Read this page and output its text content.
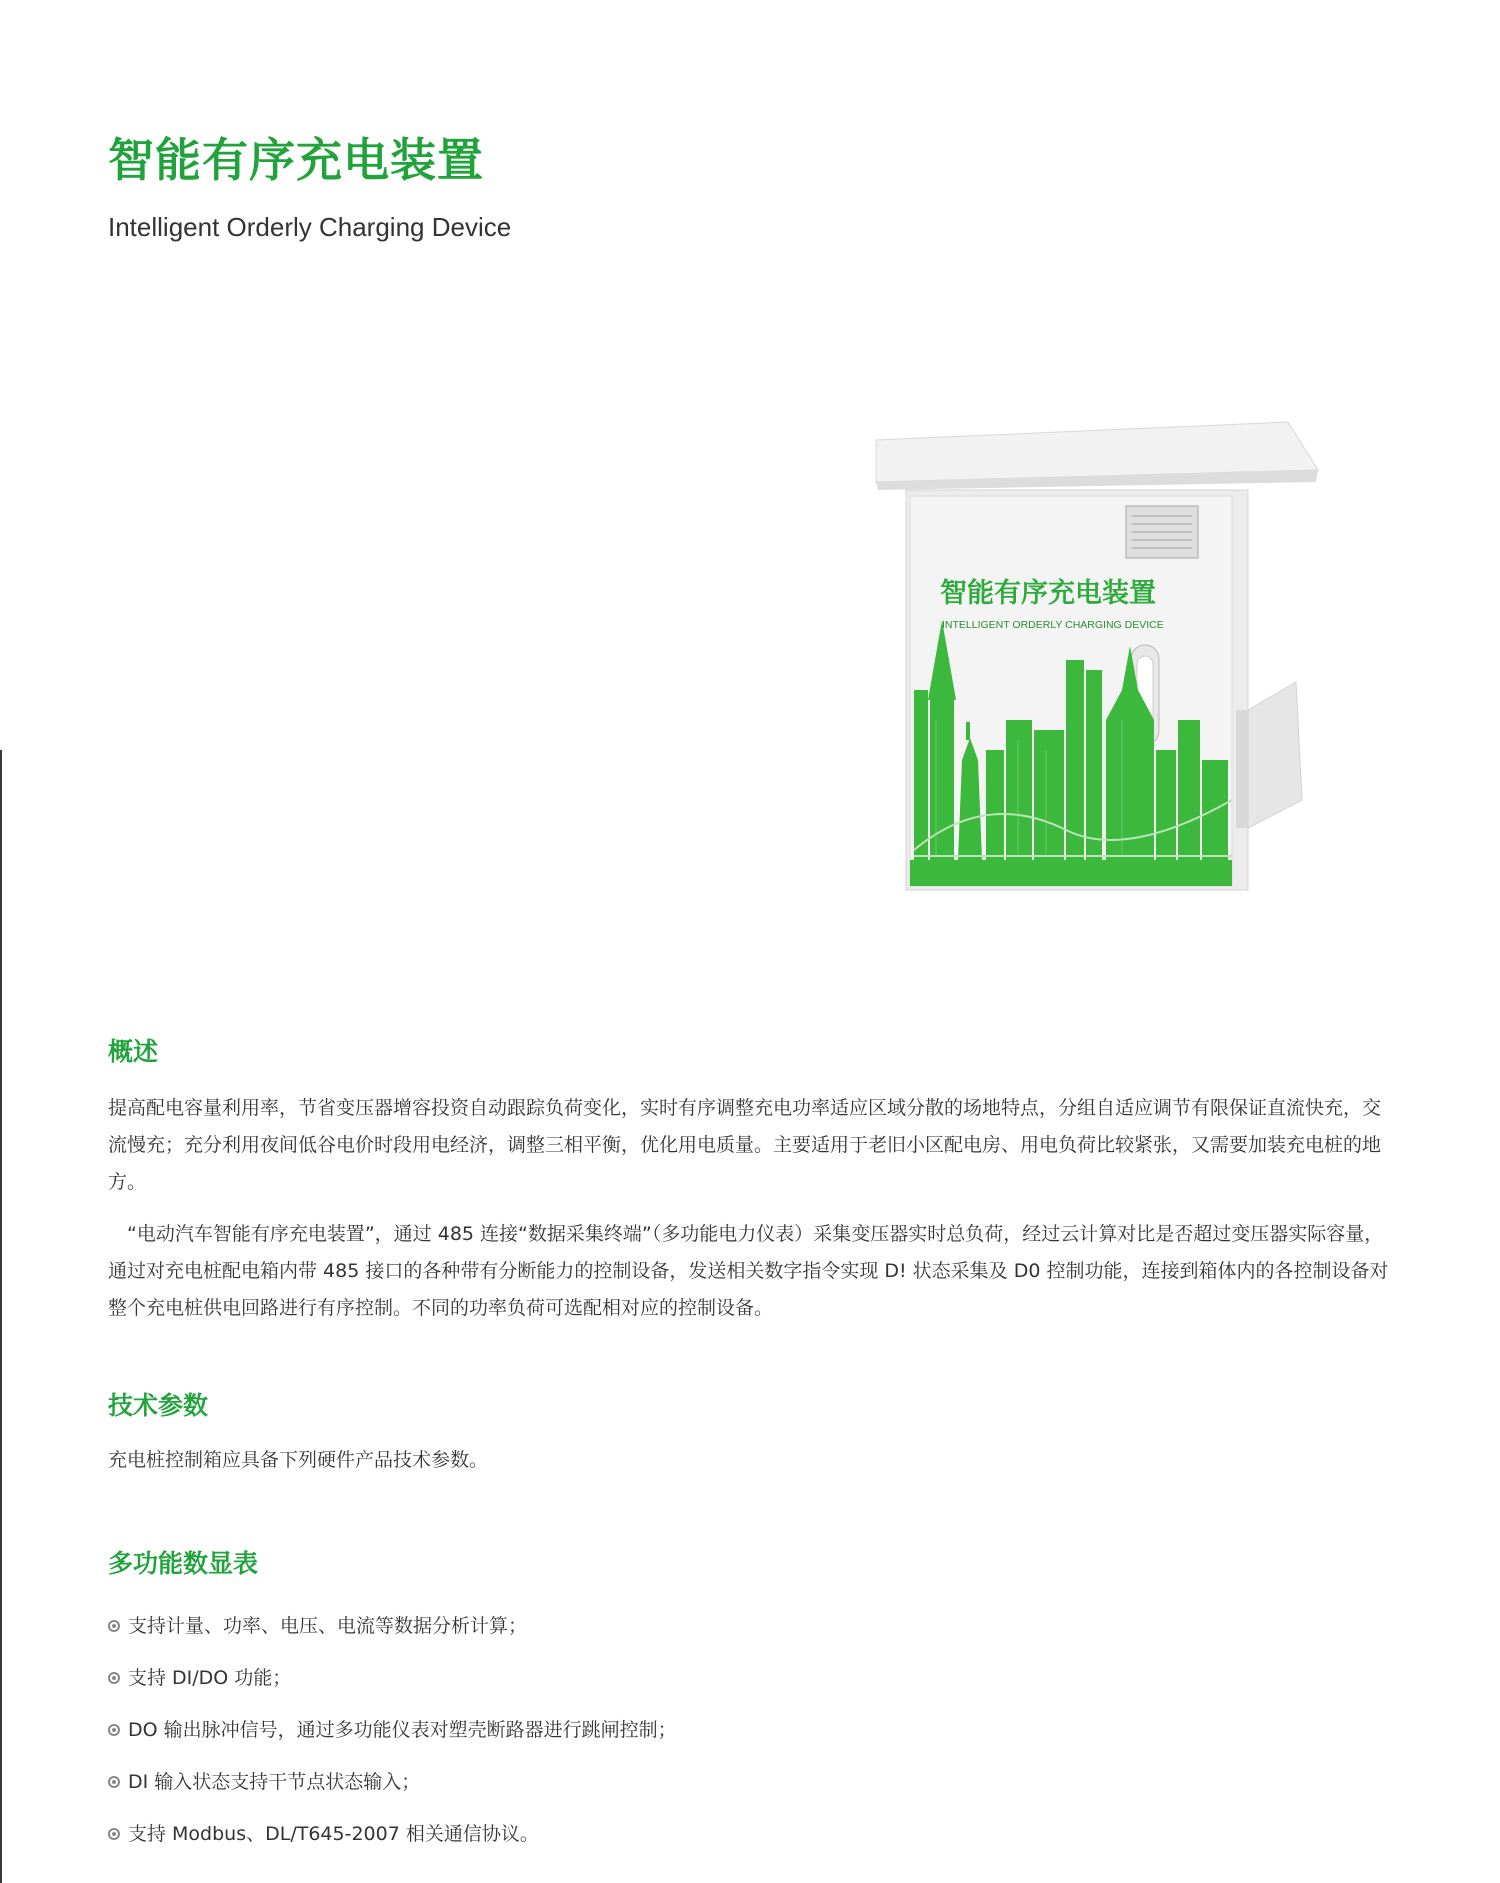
智能有序充电装置

Intelligent Orderly Charging Device

智能有序充电装置
INTELLIGENT ORDERLY CHARGING DEVICE
概述

提高配电容量利用率，节省变压器增容投资自动跟踪负荷变化，实时有序调整充电功率适应区域分散的场地特点，分组自适应调节有限保证直流快充，交流慢充；充分利用夜间低谷电价时段用电经济，调整三相平衡，优化用电质量。主要适用于老旧小区配电房、用电负荷比较紧张，又需要加装充电桩的地方。

“电动汽车智能有序充电装置”，通过 485 连接“数据采集终端”（多功能电力仪表）采集变压器实时总负荷，经过云计算对比是否超过变压器实际容量，通过对充电桩配电箱内带 485 接口的各种带有分断能力的控制设备，发送相关数字指令实现 D! 状态采集及 D0 控制功能，连接到箱体内的各控制设备对整个充电桩供电回路进行有序控制。不同的功率负荷可选配相对应的控制设备。

技术参数

充电桩控制箱应具备下列硬件产品技术参数。

多功能数显表
支持计量、功率、电压、电流等数据分析计算；
支持 DI/DO 功能；
DO 输出脉冲信号，通过多功能仪表对塑壳断路器进行跳闸控制；
DI 输入状态支持干节点状态输入；
支持 Modbus、DL/T645-2007 相关通信协议。
